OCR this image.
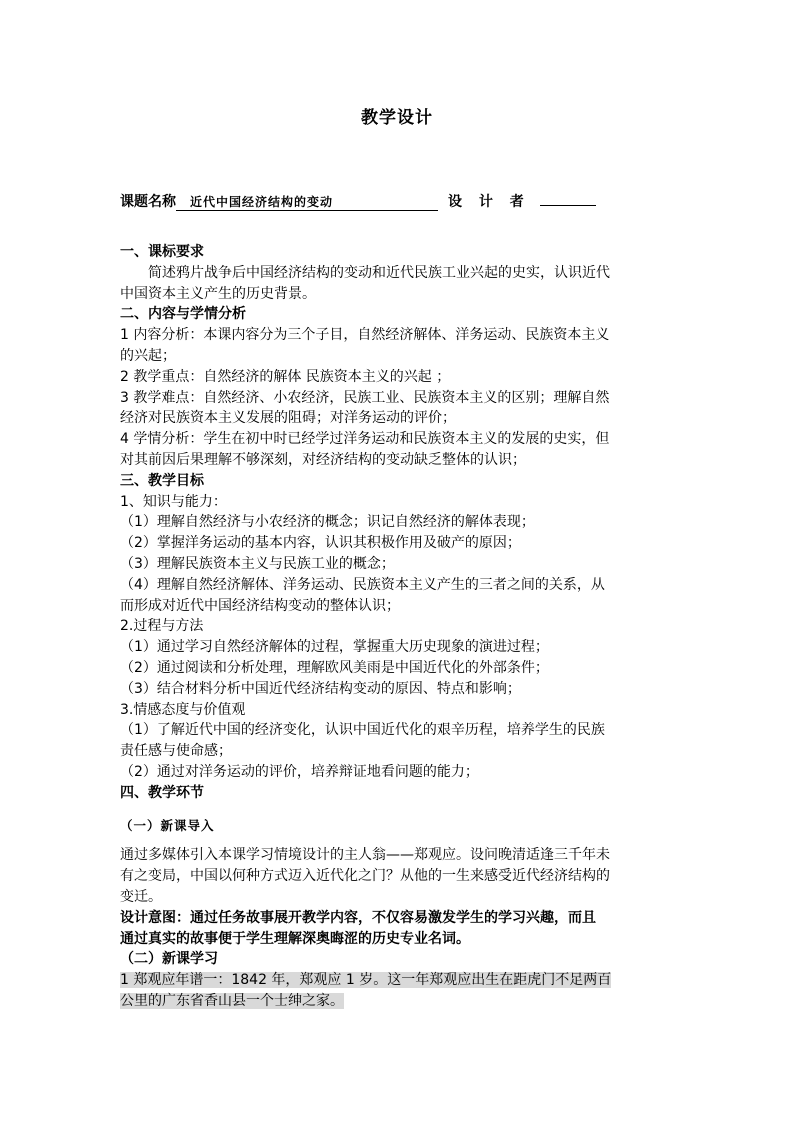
教学设计
课题名称 近代中国经济结构的变动	设 计 者
一、课标要求
简述鸦片战争后中国经济结构的变动和近代民族工业兴起的史实，认识近代
中国资本主义产生的历史背景。
二、内容与学情分析
1 内容分析：本课内容分为三个子目，自然经济解体、洋务运动、民族资本主义
的兴起；
2 教学重点：自然经济的解体 民族资本主义的兴起 ；
3 教学难点：自然经济、小农经济，民族工业、民族资本主义的区别；理解自然
经济对民族资本主义发展的阻碍；对洋务运动的评价；
4 学情分析：学生在初中时已经学过洋务运动和民族资本主义的发展的史实，但
对其前因后果理解不够深刻，对经济结构的变动缺乏整体的认识；
三、教学目标
1、知识与能力：
（1）理解自然经济与小农经济的概念；识记自然经济的解体表现；
（2）掌握洋务运动的基本内容，认识其积极作用及破产的原因；
（3）理解民族资本主义与民族工业的概念；
（4）理解自然经济解体、洋务运动、民族资本主义产生的三者之间的关系，从
而形成对近代中国经济结构变动的整体认识；
2.过程与方法
（1）通过学习自然经济解体的过程，掌握重大历史现象的演进过程；
（2）通过阅读和分析处理，理解欧风美雨是中国近代化的外部条件；
（3）结合材料分析中国近代经济结构变动的原因、特点和影响；
3.情感态度与价值观
（1）了解近代中国的经济变化，认识中国近代化的艰辛历程，培养学生的民族
责任感与使命感；
（2）通过对洋务运动的评价，培养辩证地看问题的能力；
四、教学环节
（一）新课导入
通过多媒体引入本课学习情境设计的主人翁——郑观应。设问晚清适逢三千年未
有之变局，中国以何种方式迈入近代化之门？从他的一生来感受近代经济结构的
变迁。
设计意图：通过任务故事展开教学内容，不仅容易激发学生的学习兴趣，而且
通过真实的故事便于学生理解深奥晦涩的历史专业名词。
（二）新课学习
1 郑观应年谱一：1842 年，郑观应 1 岁。这一年郑观应出生在距虎门不足两百
公里的广东省香山县一个士绅之家。
